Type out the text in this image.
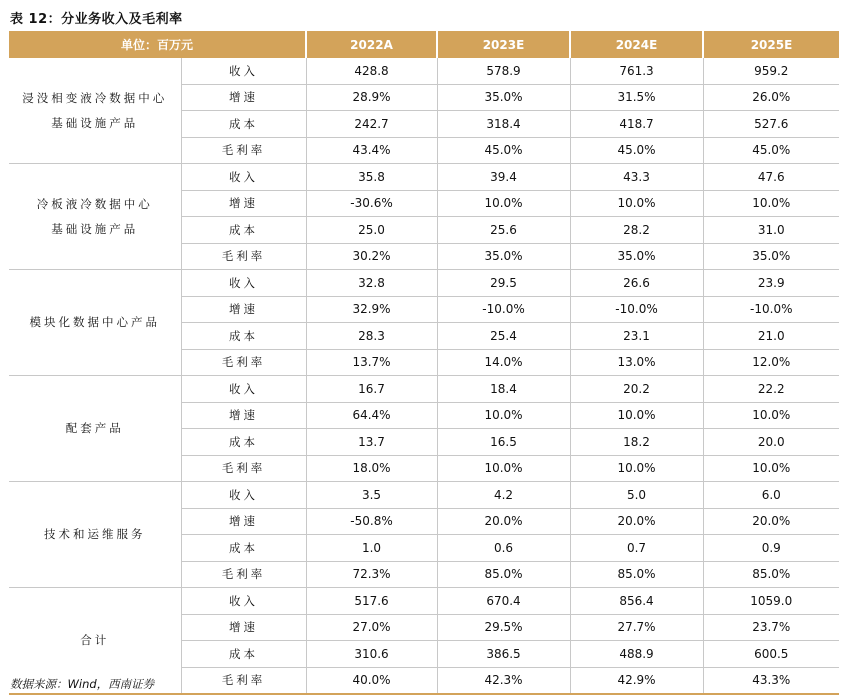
表 12：分业务收入及毛利率
单位：百万元		2022A	2023E	2024E	2025E

浸没相变液冷数据中心
基础设施产品	收入	428.8	578.9	761.3	959.2
	增速	28.9%	35.0%	31.5%	26.0%
	成本	242.7	318.4	418.7	527.6
	毛利率	43.4%	45.0%	45.0%	45.0%

冷板液冷数据中心
基础设施产品	收入	35.8	39.4	43.3	47.6
	增速	-30.6%	10.0%	10.0%	10.0%
	成本	25.0	25.6	28.2	31.0
	毛利率	30.2%	35.0%	35.0%	35.0%

模块化数据中心产品	收入	32.8	29.5	26.6	23.9
	增速	32.9%	-10.0%	-10.0%	-10.0%
	成本	28.3	25.4	23.1	21.0
	毛利率	13.7%	14.0%	13.0%	12.0%

配套产品	收入	16.7	18.4	20.2	22.2
	增速	64.4%	10.0%	10.0%	10.0%
	成本	13.7	16.5	18.2	20.0
	毛利率	18.0%	10.0%	10.0%	10.0%

技术和运维服务	收入	3.5	4.2	5.0	6.0
	增速	-50.8%	20.0%	20.0%	20.0%
	成本	1.0	0.6	0.7	0.9
	毛利率	72.3%	85.0%	85.0%	85.0%

合计	收入	517.6	670.4	856.4	1059.0
	增速	27.0%	29.5%	27.7%	23.7%
	成本	310.6	386.5	488.9	600.5
	毛利率	40.0%	42.3%	42.9%	43.3%
数据来源：Wind，西南证券
